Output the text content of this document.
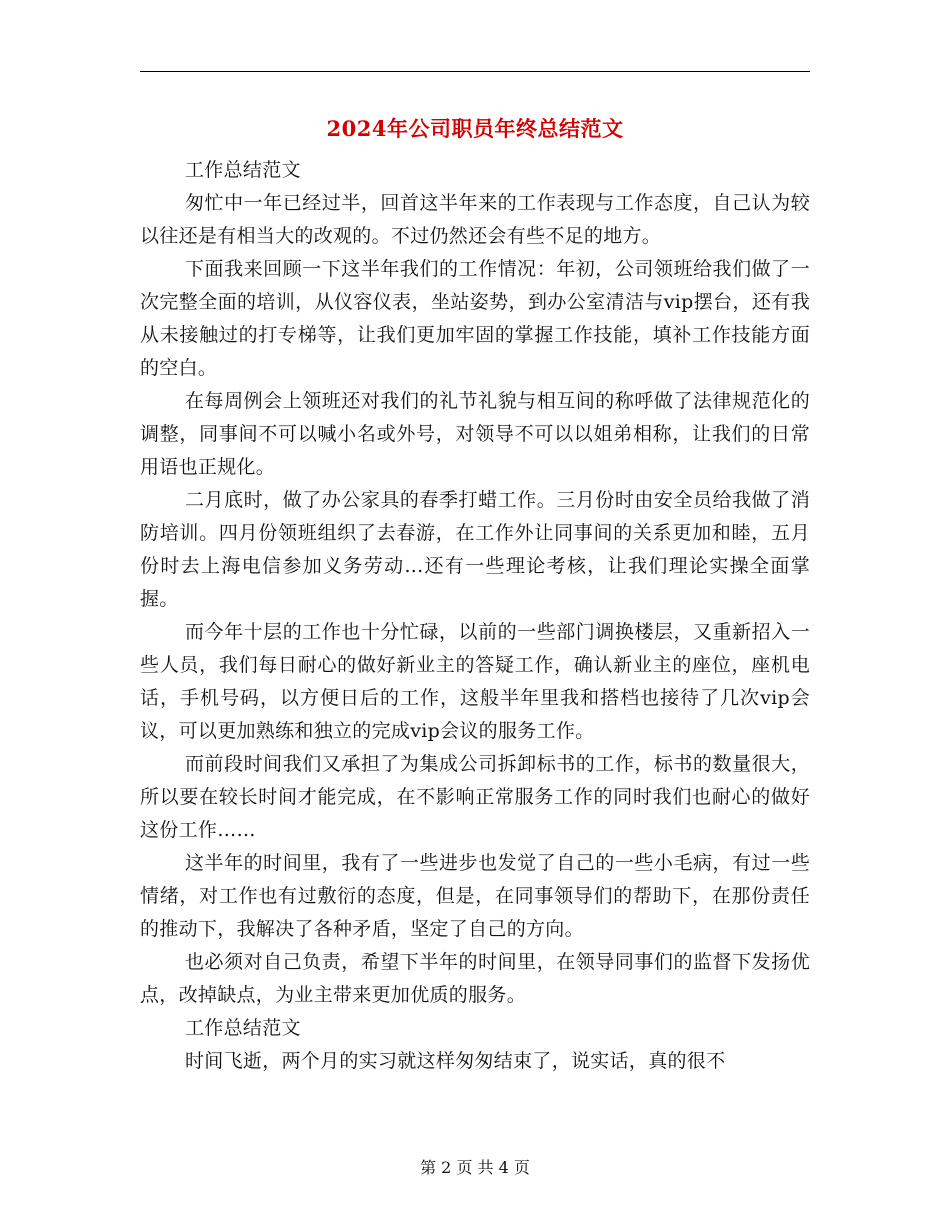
2024年公司职员年终总结范文

工作总结范文

匆忙中一年已经过半，回首这半年来的工作表现与工作态度，自己认为较以往还是有相当大的改观的。不过仍然还会有些不足的地方。

下面我来回顾一下这半年我们的工作情况：年初，公司领班给我们做了一次完整全面的培训，从仪容仪表，坐站姿势，到办公室清洁与vip摆台，还有我从未接触过的打专梯等，让我们更加牢固的掌握工作技能，填补工作技能方面的空白。

在每周例会上领班还对我们的礼节礼貌与相互间的称呼做了法律规范化的调整，同事间不可以喊小名或外号，对领导不可以以姐弟相称，让我们的日常用语也正规化。

二月底时，做了办公家具的春季打蜡工作。三月份时由安全员给我做了消防培训。四月份领班组织了去春游，在工作外让同事间的关系更加和睦，五月份时去上海电信参加义务劳动...还有一些理论考核，让我们理论实操全面掌握。

而今年十层的工作也十分忙碌，以前的一些部门调换楼层，又重新招入一些人员，我们每日耐心的做好新业主的答疑工作，确认新业主的座位，座机电话，手机号码，以方便日后的工作，这般半年里我和搭档也接待了几次vip会议，可以更加熟练和独立的完成vip会议的服务工作。

而前段时间我们又承担了为集成公司拆卸标书的工作，标书的数量很大，所以要在较长时间才能完成，在不影响正常服务工作的同时我们也耐心的做好这份工作……

这半年的时间里，我有了一些进步也发觉了自己的一些小毛病，有过一些情绪，对工作也有过敷衍的态度，但是，在同事领导们的帮助下，在那份责任的推动下，我解决了各种矛盾，坚定了自己的方向。

也必须对自己负责，希望下半年的时间里，在领导同事们的监督下发扬优点，改掉缺点，为业主带来更加优质的服务。

工作总结范文

时间飞逝，两个月的实习就这样匆匆结束了，说实话，真的很不

第 2 页 共 4 页
